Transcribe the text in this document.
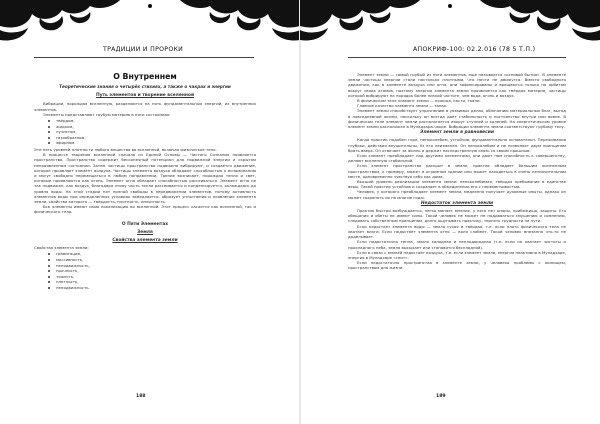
ТРАДИЦИИ И ПРОРОКИ
О Внутреннем
Теоретические знания о четырёх стихиях, а также о чакрах и энергии
Путь элементов и творение вселенной

Вибрации, порождая вселенную, разделяются на пять фундаментальных энергий, их внутренних элементов.

Элементы представляют грубую материю в пяти состояниях:

твёрдом,
жидком,
лучистом,
газообразном,
эфирном.

Эти пять уровней плотности любого вещества во вселенной, включая физическое тело.

В процессе творения вселенной сначала из Единой Основы — Чистого Сознания появляется пространство. Пространство содержит бесконечный потенциал для подвижной энергии и скрытом непроявленном состоянии. Затем частицы пространства подвижно вибрируют, и создаётся движение, которое проявляет элемент воздуха. Частицы элемента воздуха обладают способностью к вспоминанию и могут свободно перемещаться в любом направлении. Трение возникает, порождая тепло и свет, которые проявляются как огонь. Элемент огня обладает способностью рассеиваться. Элемент огня не так подвижен, как воздух, благодаря этому часть тепла рассеивается и конденсируется, охлаждаясь до уровня воды. На этой стадии нет полной свободы в передвижении элементов, потому активность элементов воды при определённых условиях замедляется, образует уплотнения и появление элемента земли, свойства которого — твёрдость, плотность, инертность.

Все элементы имеют свою локализацию во вселенной. Этот процесс касается как вселенной, так и физического тела.

О Пяти Элементах
Земля
Свойства элемента земли

Свойства элемента земли:

гравитация,
массивность,
неподвижность,
прочность,
тяжесть,
плотность,
неподвижность.
188
АПОКРИФ-100: 02.2.016 (78 5 Т.П.)

Элемент земли — самый грубый из пяти элементов, ещё называется «основой бытия». В элементе земли частицы энергии стали настолько плотными, что почти не движутся. Вместо свободного движения, как в элементе воздуха или огня, они зафиксированы и вращаются только по орбитам вокруг своих атомов, поэтому энергия элемента земли проявляется как твёрдая материя, частицы которой вибрируют на порядок более низкой частоте, чем вода, огонь и воздух.

В физическом теле элемент земли — кожица, кости, ткани.

Главное качество элемента земли — запах.

Элемент земли способствует упрочнению в уязвимых делах, облечению материальных благ, выгод в повседневной жизни, поскольку он всегда даёт стабильность и постоянство внутри или вовне. В физическом теле элемент земли располагается вокруг ступней и коленей. На энергетическом уровне элемент земли расположен в Муладхара-чакре. Вибрации элемента земли соответствуют грубому телу.

Элемент земли в равновесии

Когда практик подобен горе, непоколебим, устойчив, фундаментально основательн. Переживания глубоки, действия внушительны. Уэ его неизменен. Он непоколебим и не позволяет двум принципам брать вверх. Он отвечает за жизнь и держит наследственную связь со своим прошлым.

Если элемент преобладает над другими элементами, они дают нам способность к совершенству, делают вселенную стабильной.

Если элемент пространства раскрыт в земле, практик обладает большим жизненным пространством, к примеру, может в огромном здании или может находиться в очень незначительном месте, одновременно чувствуя себя как дома.

Высший уровень реализации элемента земли: непоколебимая, твёрдая пребывание в единстве веры. Такой практик устойчив и сохраняет в объединении его с переменчивостью.

Человек, у которого преобладает элемент земли, медленно получает духовные опыты, однако он может сохранять их на многие годы.

Недостаток элемента земли

Практик быстро возбуждается, легко меняет мнение, у него нет опоры, прибежища, защиты. Его обещания и обеты не имеют силы. Такой человек не может не поддаваться смущению и сомнению, следовать собственным принципам, долго ощупывать практику, терпеть трудности на пути.

Если недостаёт элемента воды — земля сухая и твёрдая, т.е. если плоть физического тела не хватает влаги. Если недостаёт элемента огня — воля слабеет. Такой человек внезапно что-то не доделывает.

Если недостаточно тепла, земля холодная и неплодородная (т.е. если не хватает чистоты и прохладного неба, земля высыхает или становится бесплодной).

Если в связи с землёй недостаёт воздуха, т.е. если элемент земли, энергия неактивна в Муладхаре, энергия в Муладхаре «спит».

Если недостаточно пространства в элементе земли, у человека проблемы с жилищем, пространством для жизни.

189
